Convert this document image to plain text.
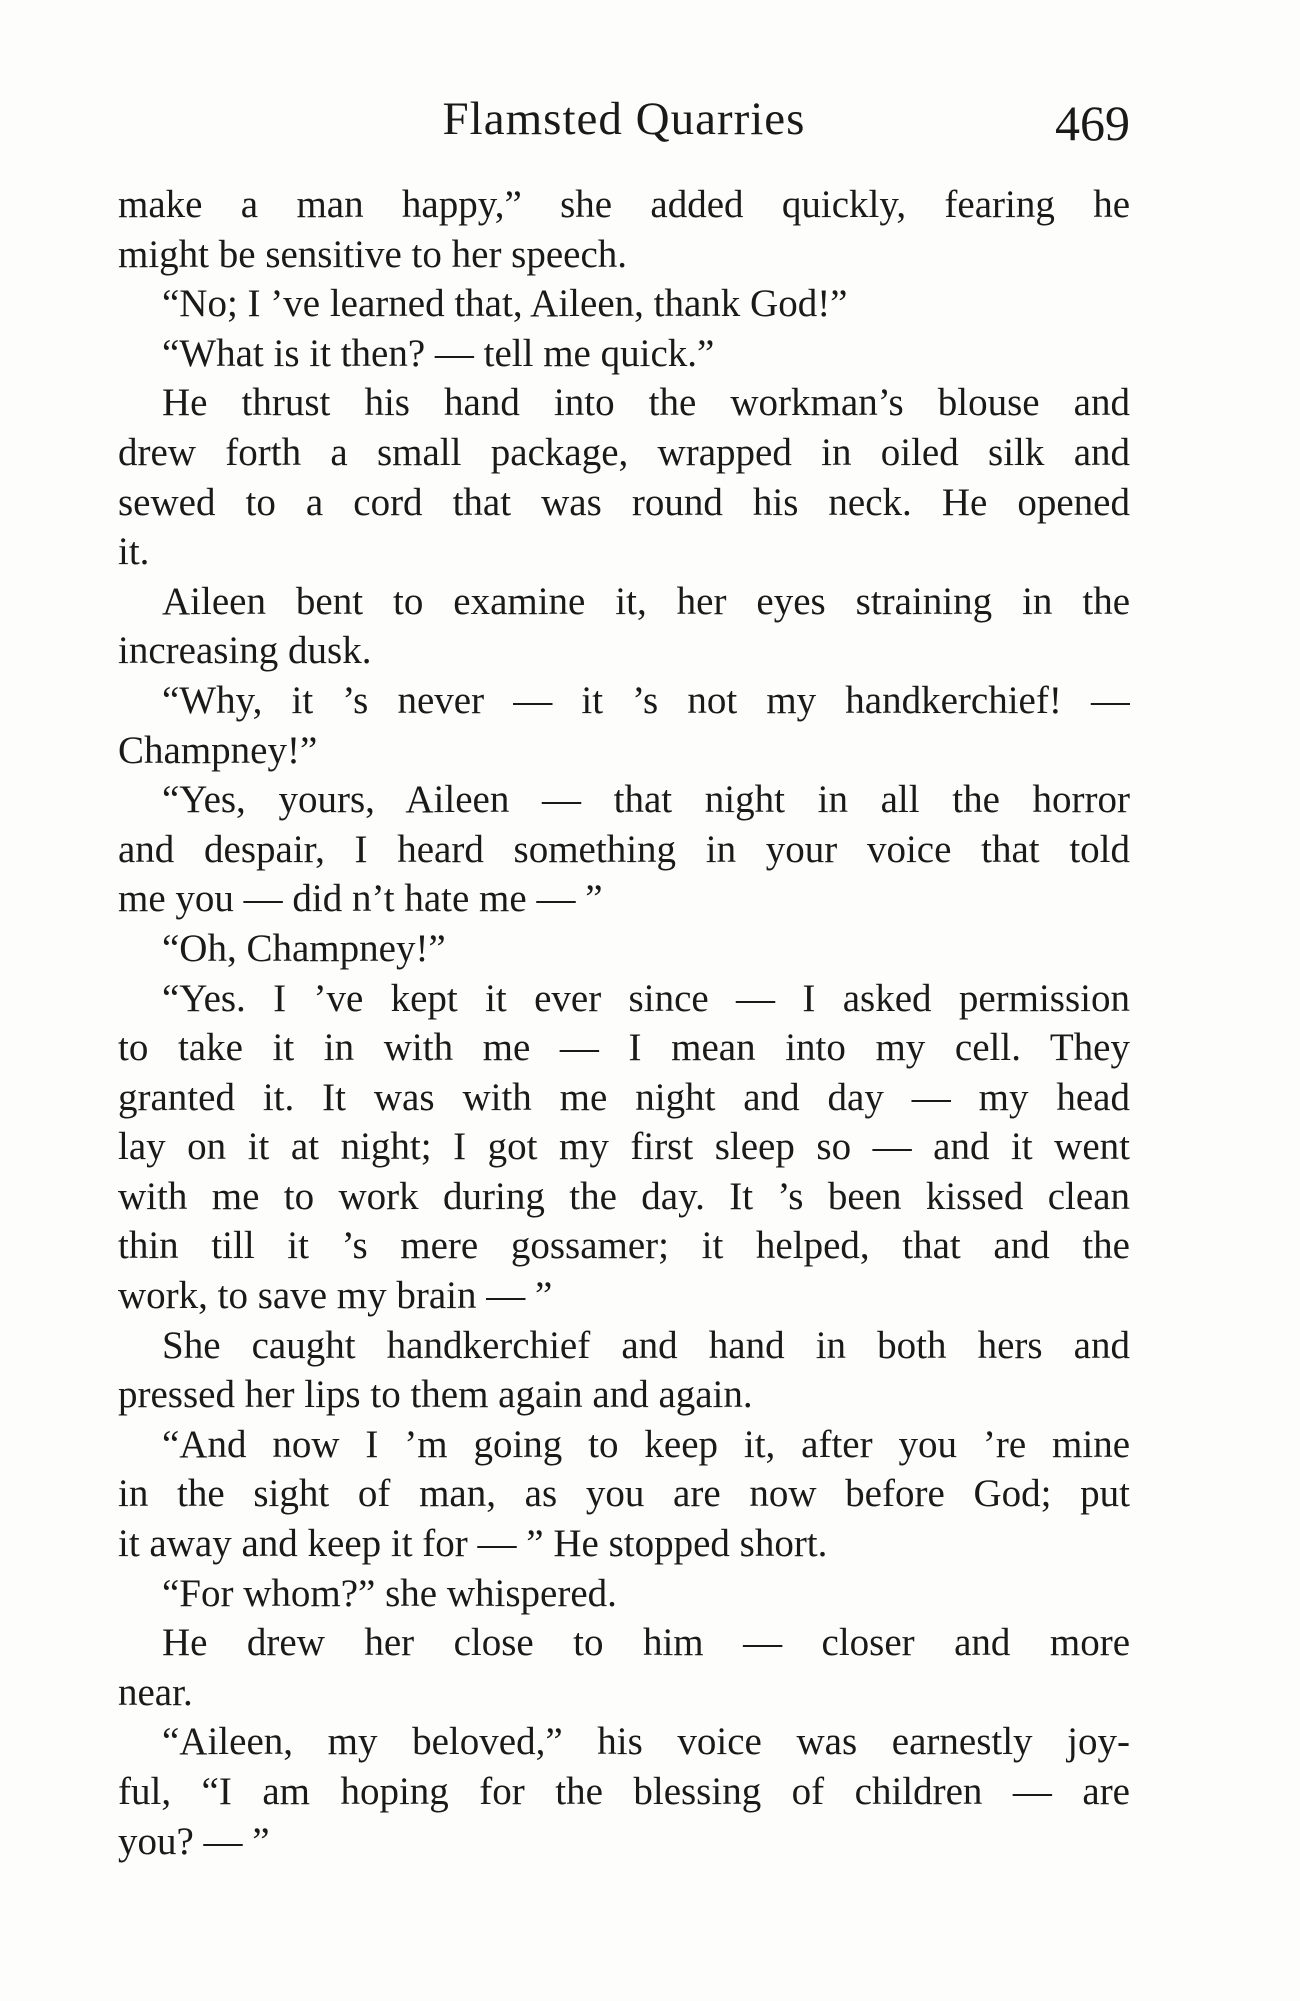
Flamsted Quarries	469
make a man happy,” she added quickly, fearing he
might be sensitive to her speech.
“No; I ’ve learned that, Aileen, thank God!”
“What is it then? — tell me quick.”
He thrust his hand into the workman’s blouse and
drew forth a small package, wrapped in oiled silk and
sewed to a cord that was round his neck. He opened
it.
Aileen bent to examine it, her eyes straining in the
increasing dusk.
“Why, it ’s never — it ’s not my handkerchief! —
Champney!”
“Yes, yours, Aileen — that night in all the horror
and despair, I heard something in your voice that told
me you — did n’t hate me — ”
“Oh, Champney!”
“Yes. I ’ve kept it ever since — I asked permission
to take it in with me — I mean into my cell. They
granted it. It was with me night and day — my head
lay on it at night; I got my first sleep so — and it went
with me to work during the day. It ’s been kissed clean
thin till it ’s mere gossamer; it helped, that and the
work, to save my brain — ”
She caught handkerchief and hand in both hers and
pressed her lips to them again and again.
“And now I ’m going to keep it, after you ’re mine
in the sight of man, as you are now before God; put
it away and keep it for — ” He stopped short.
“For whom?” she whispered.
He drew her close to him — closer and more
near.
“Aileen, my beloved,” his voice was earnestly joy-
ful, “I am hoping for the blessing of children — are
you? — ”
